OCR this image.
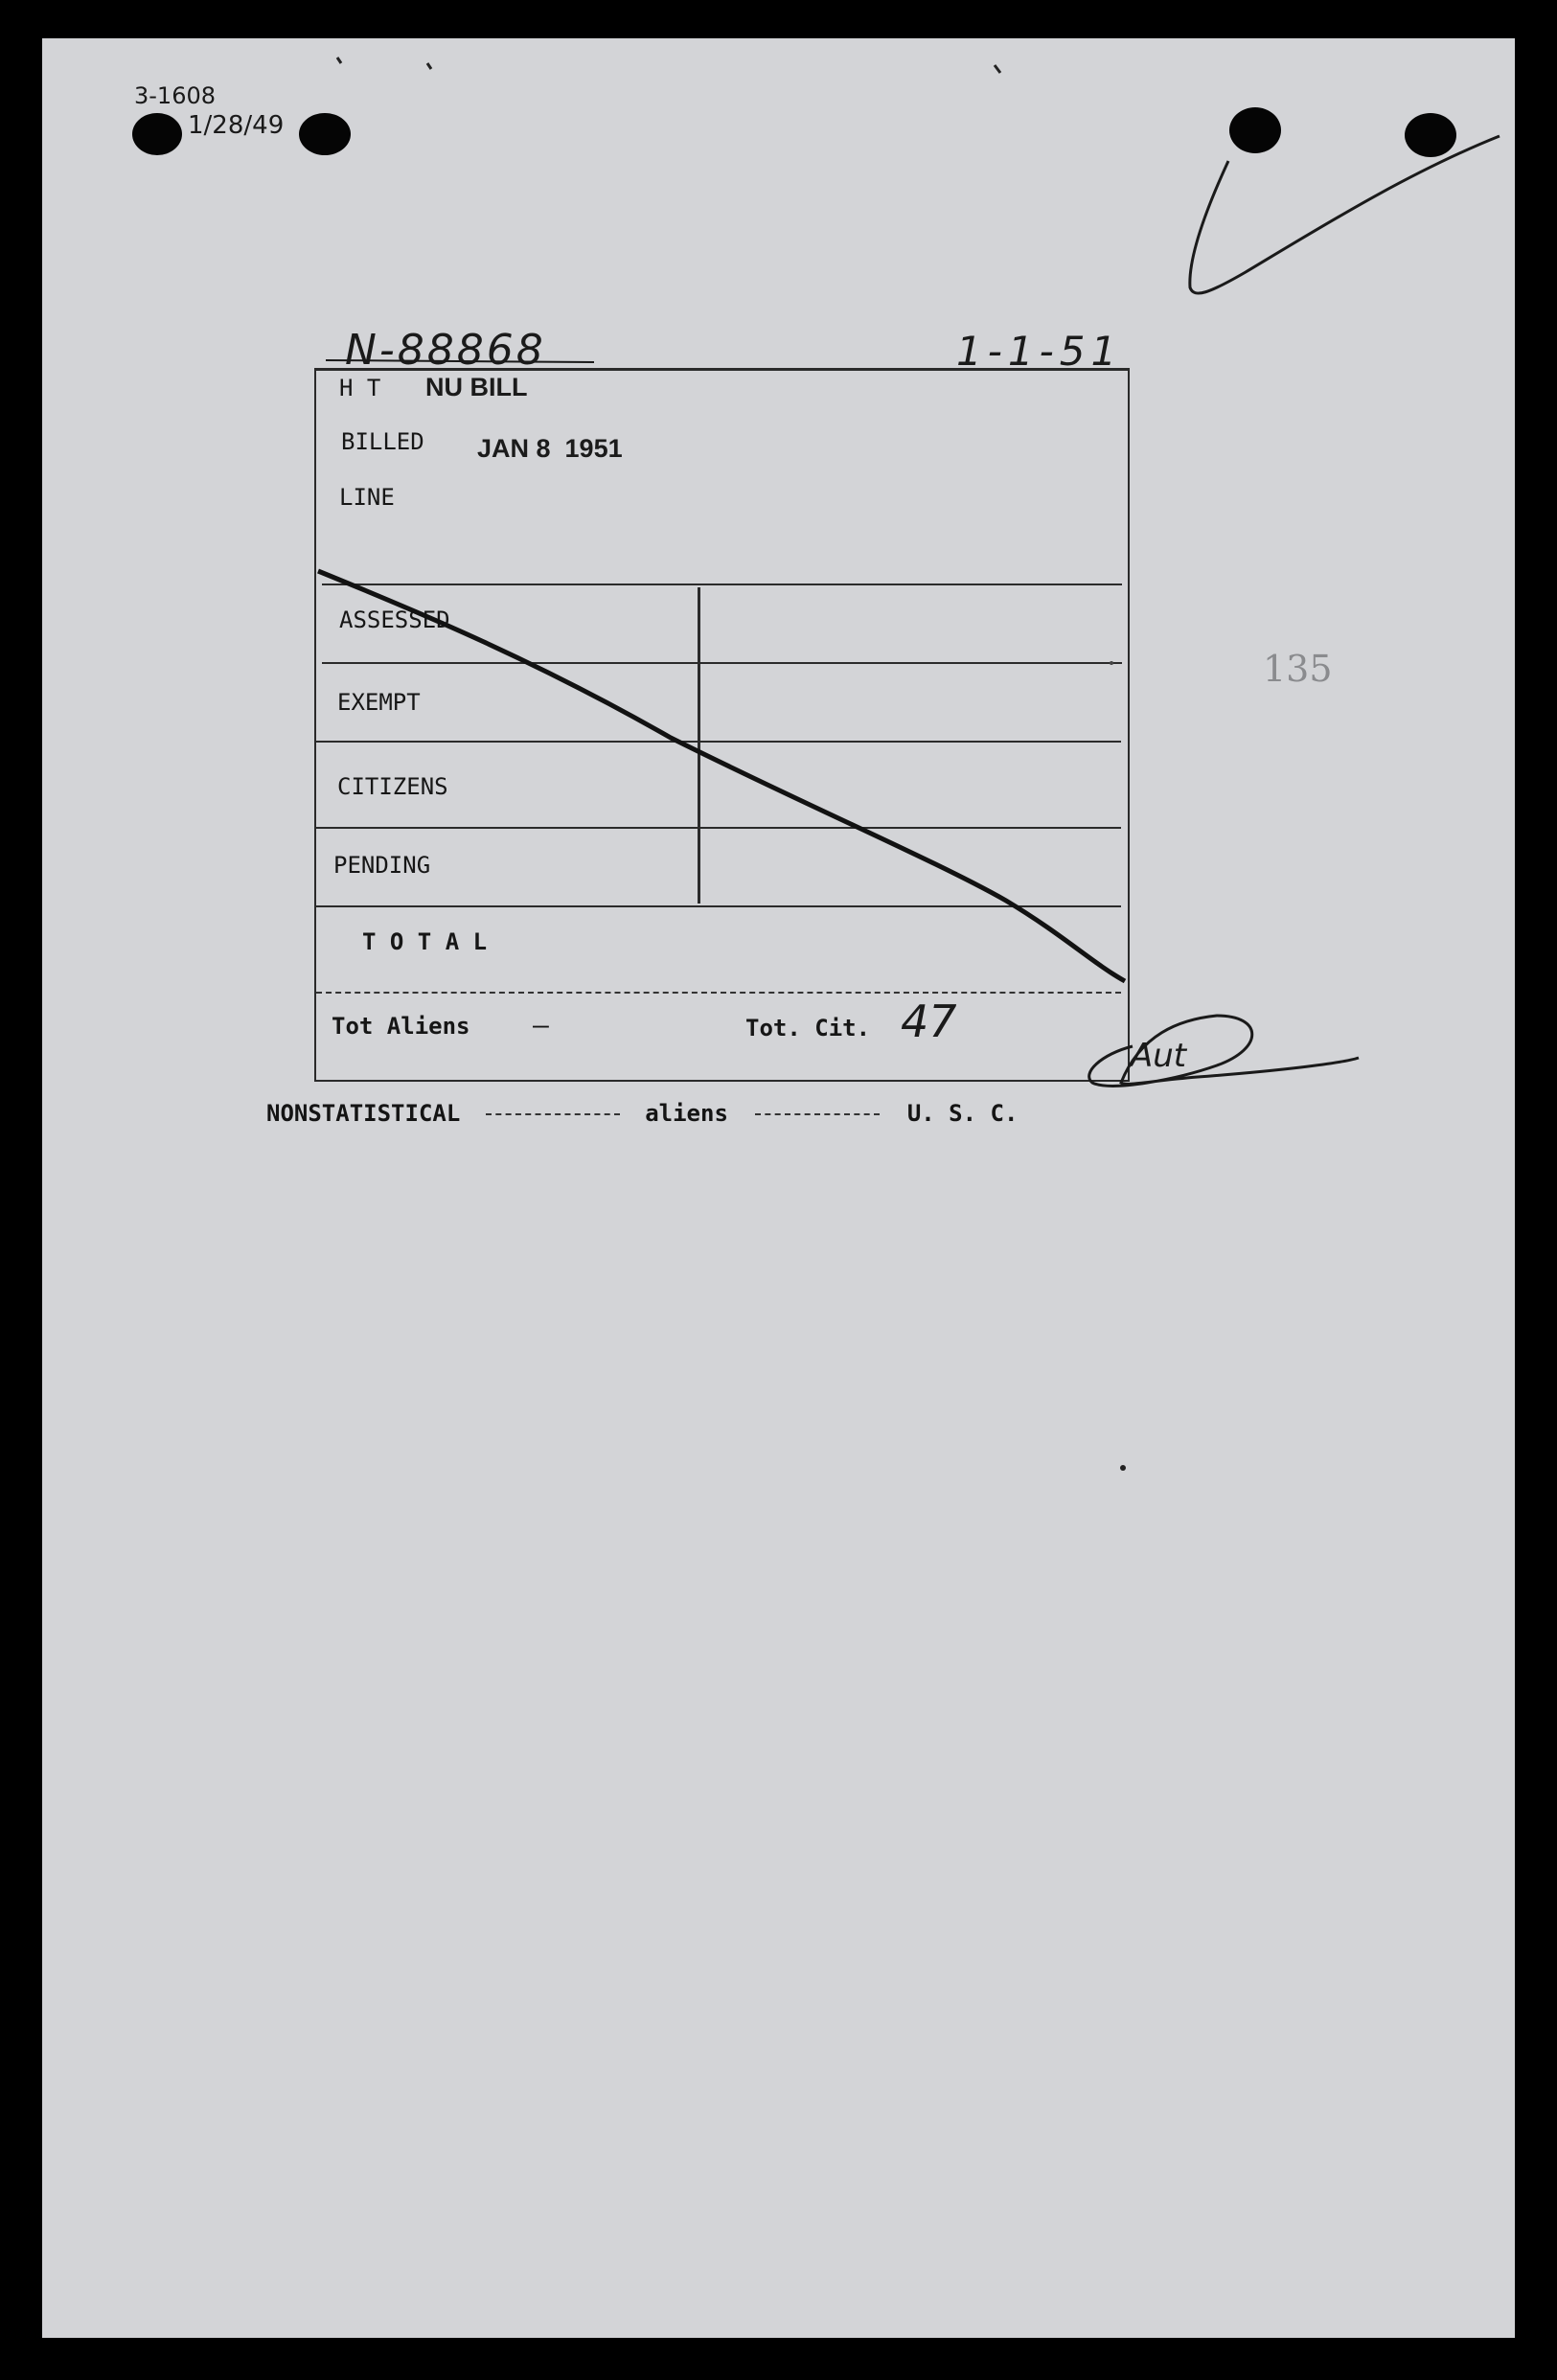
3-1608
1/28/49
N-88868	1-1-51
135
H T NU BILL
BILLED JAN 8  1951
LINE
ASSESSED
EXEMPT
CITIZENS
PENDING
T O T A L
Tot Aliens —	Tot. Cit. 47
NONSTATISTICAL	aliens	U. S. C.
Aut
